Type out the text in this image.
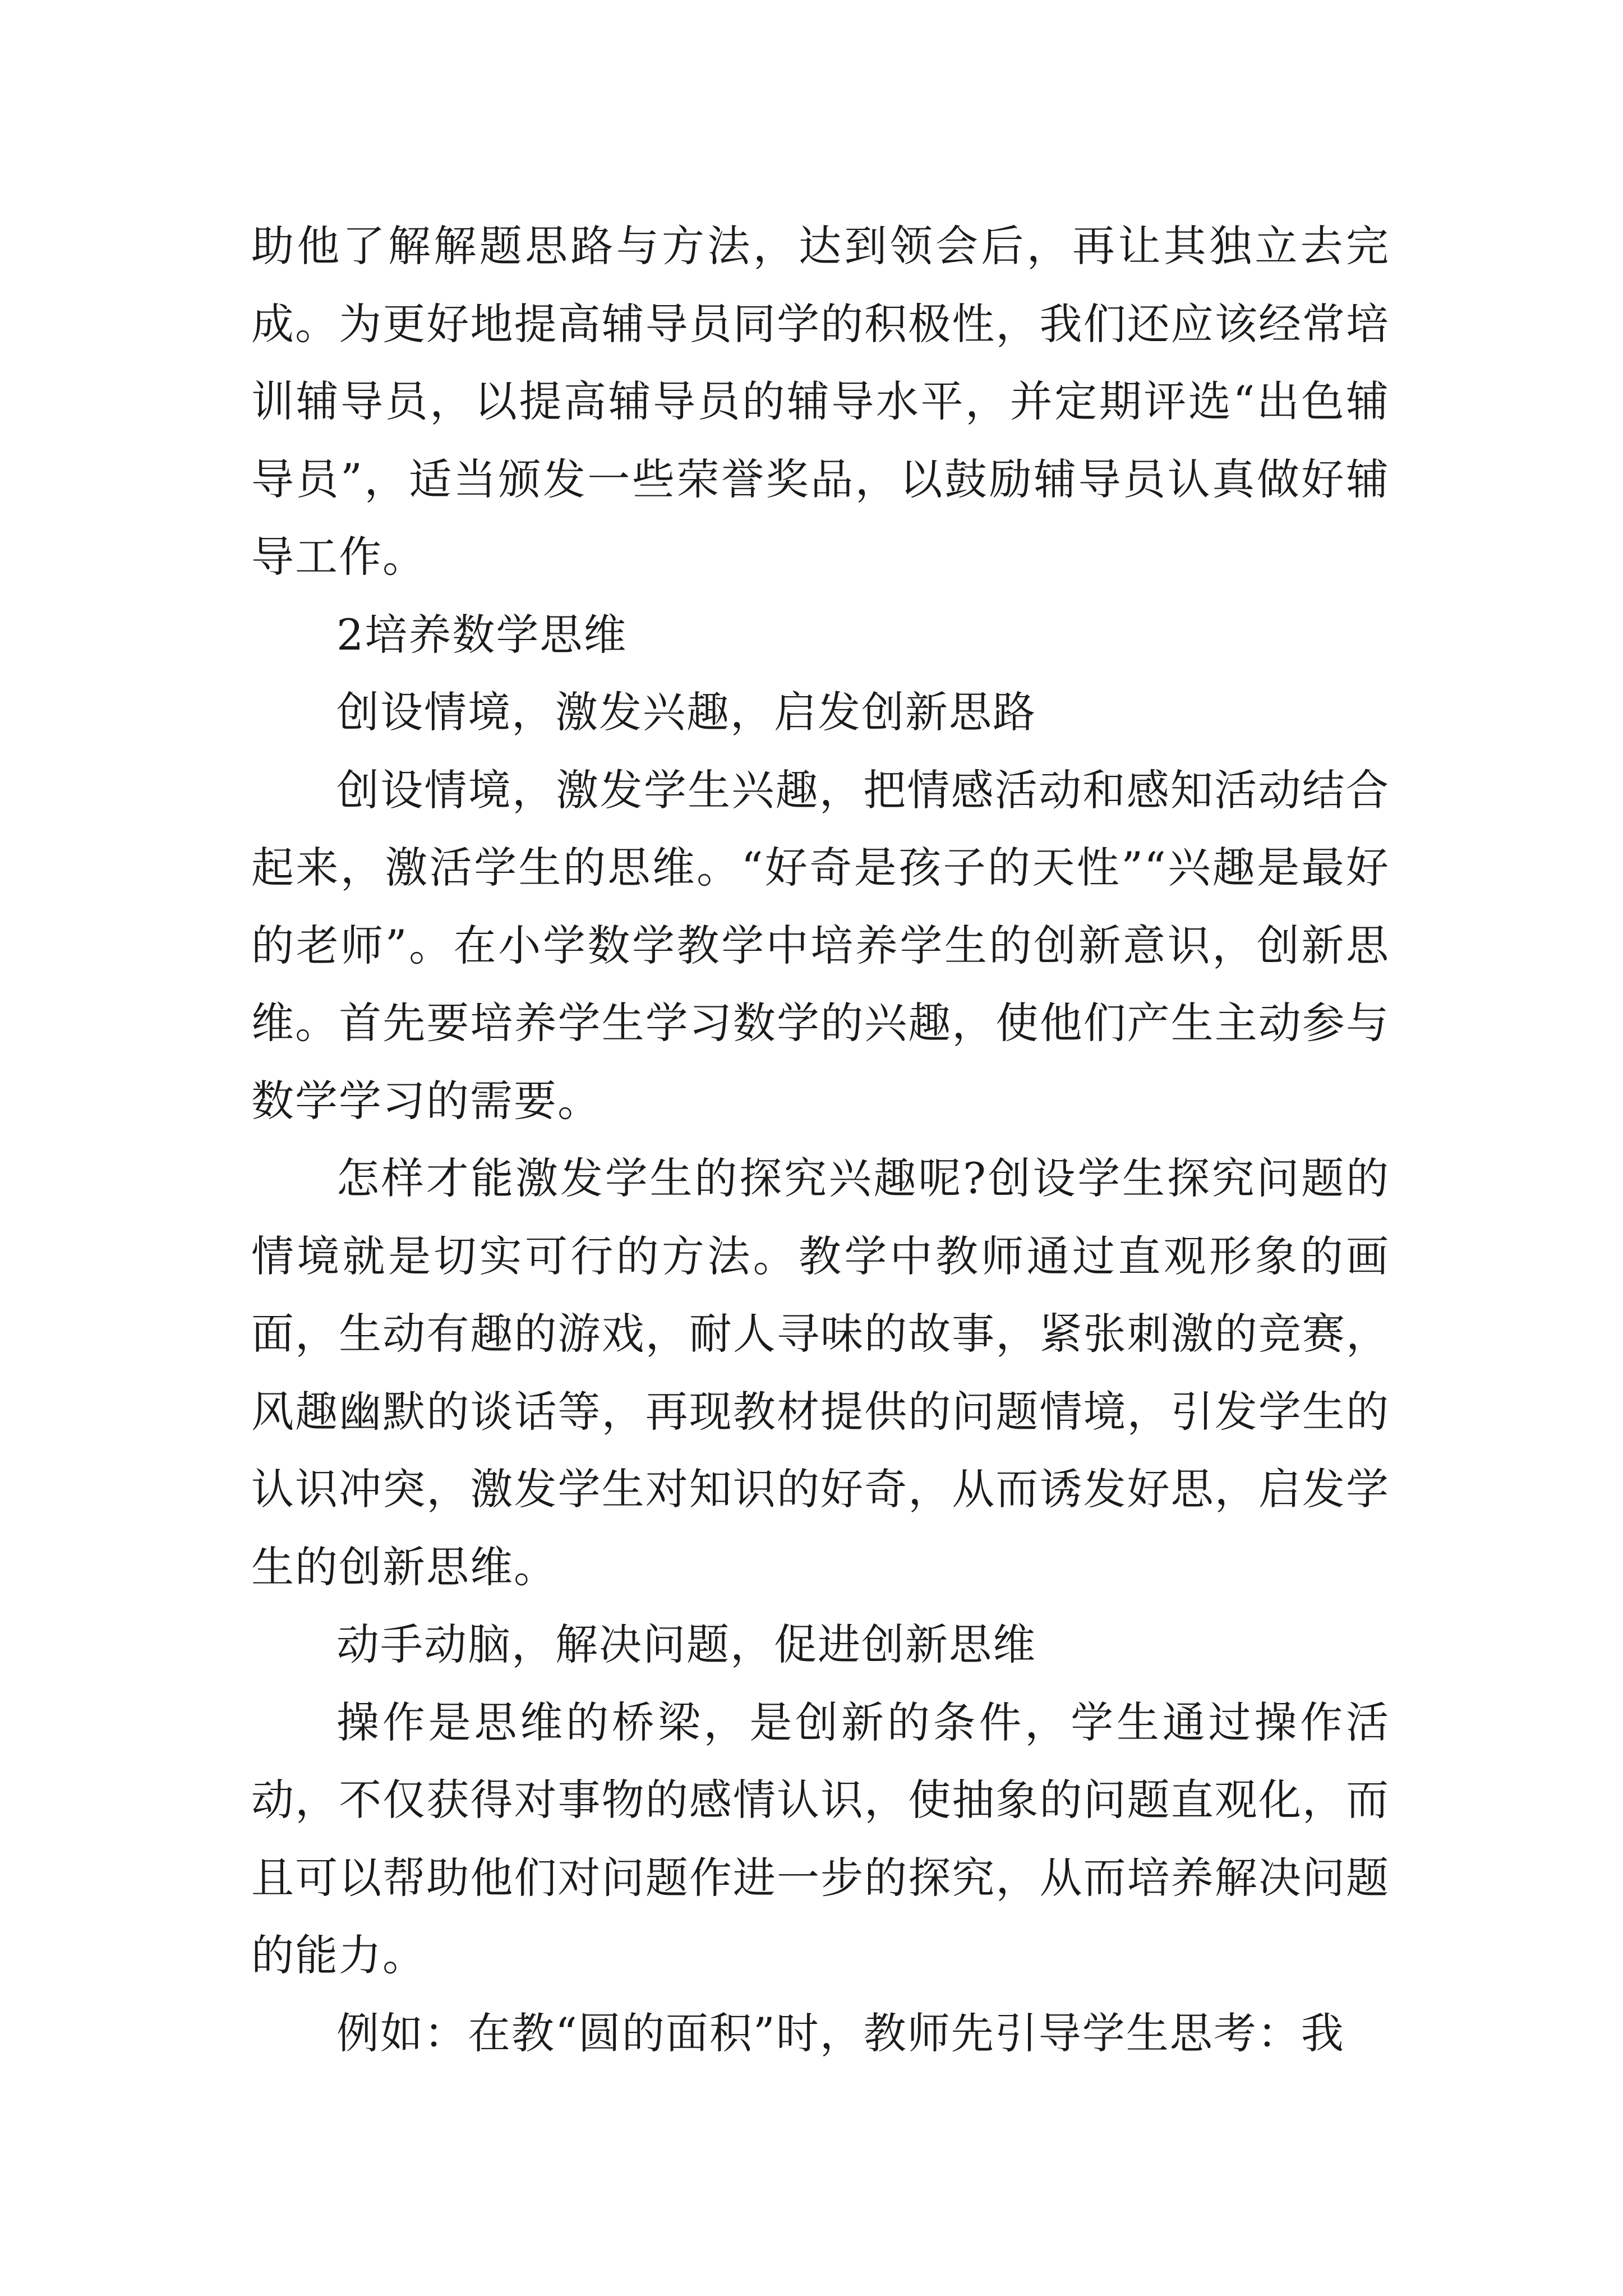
助他了解解题思路与方法，达到领会后，再让其独立去完成。为更好地提高辅导员同学的积极性，我们还应该经常培训辅导员，以提高辅导员的辅导水平，并定期评选“出色辅导员”，适当颁发一些荣誉奖品，以鼓励辅导员认真做好辅导工作。

2培养数学思维

创设情境，激发兴趣，启发创新思路

创设情境，激发学生兴趣，把情感活动和感知活动结合起来，激活学生的思维。“好奇是孩子的天性”“兴趣是最好的老师”。在小学数学教学中培养学生的创新意识，创新思维。首先要培养学生学习数学的兴趣，使他们产生主动参与数学学习的需要。

怎样才能激发学生的探究兴趣呢?创设学生探究问题的情境就是切实可行的方法。教学中教师通过直观形象的画面，生动有趣的游戏，耐人寻味的故事，紧张刺激的竞赛，风趣幽默的谈话等，再现教材提供的问题情境，引发学生的认识冲突，激发学生对知识的好奇，从而诱发好思，启发学生的创新思维。

动手动脑，解决问题，促进创新思维

操作是思维的桥梁，是创新的条件，学生通过操作活动，不仅获得对事物的感情认识，使抽象的问题直观化，而且可以帮助他们对问题作进一步的探究，从而培养解决问题的能力。

例如：在教“圆的面积”时，教师先引导学生思考：我
